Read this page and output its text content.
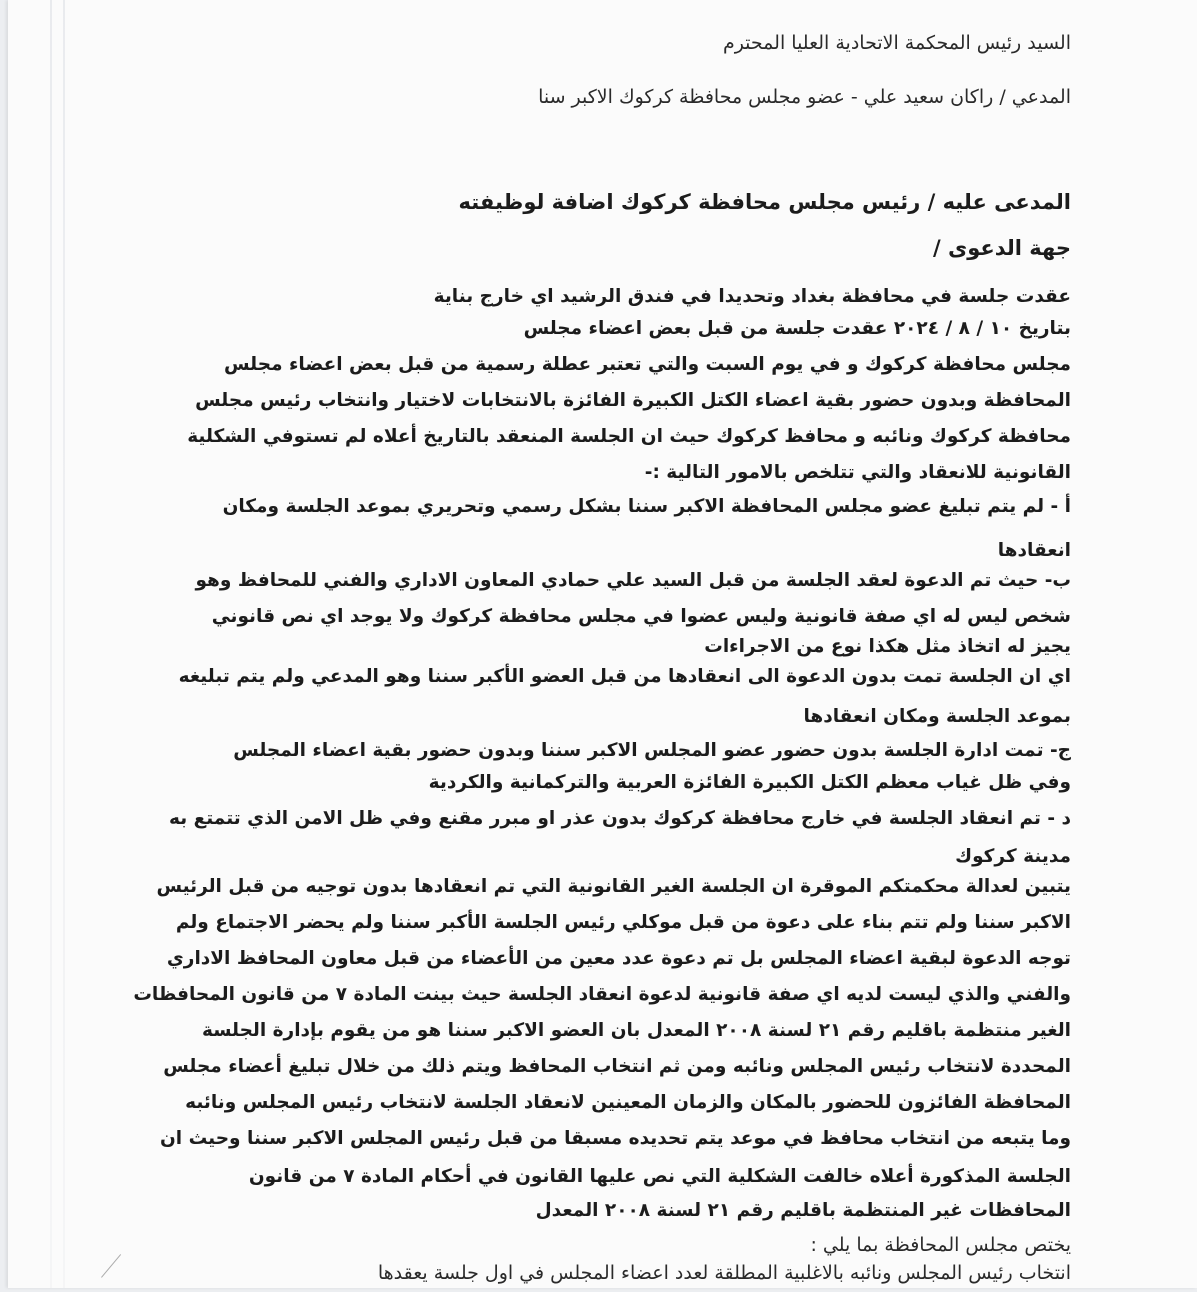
السيد رئيس المحكمة الاتحادية العليا المحترم
المدعي / راكان سعيد علي - عضو مجلس محافظة كركوك الاكبر سنا
المدعى عليه / رئيس مجلس محافظة كركوك اضافة لوظيفته
جهة الدعوى /
عقدت جلسة في محافظة بغداد وتحديدا في فندق الرشيد اي خارج بناية
بتاريخ ١٠ / ٨ / ٢٠٢٤ عقدت جلسة من قبل بعض اعضاء مجلس
مجلس محافظة كركوك و في يوم السبت والتي تعتبر عطلة رسمية من قبل بعض اعضاء مجلس
المحافظة وبدون حضور بقية اعضاء الكتل الكبيرة الفائزة بالانتخابات لاختيار وانتخاب رئيس مجلس
محافظة كركوك ونائبه و محافظ كركوك حيث ان الجلسة المنعقد بالتاريخ أعلاه لم تستوفي الشكلية
القانونية للانعقاد والتي تتلخص بالامور التالية :-
أ - لم يتم تبليغ عضو مجلس المحافظة الاكبر سننا بشكل رسمي وتحريري بموعد الجلسة ومكان
انعقادها
ب- حيث تم الدعوة لعقد الجلسة من قبل السيد علي حمادي المعاون الاداري والفني للمحافظ وهو
شخص ليس له اي صفة قانونية وليس عضوا في مجلس محافظة كركوك ولا يوجد اي نص قانوني
يجيز له اتخاذ مثل هكذا نوع من الاجراءات
اي ان الجلسة تمت بدون الدعوة الى انعقادها من قبل العضو الأكبر سننا وهو المدعي ولم يتم تبليغه
بموعد الجلسة ومكان انعقادها
ج- تمت ادارة الجلسة بدون حضور عضو المجلس الاكبر سننا وبدون حضور بقية اعضاء المجلس
وفي ظل غياب معظم الكتل الكبيرة الفائزة العربية والتركمانية والكردية
د - تم انعقاد الجلسة في خارج محافظة كركوك بدون عذر او مبرر مقنع وفي ظل الامن الذي تتمتع به
مدينة كركوك
يتبين لعدالة محكمتكم الموقرة ان الجلسة الغير القانونية التي تم انعقادها بدون توجيه من قبل الرئيس
الاكبر سننا ولم تتم بناء على دعوة من قبل موكلي رئيس الجلسة الأكبر سننا ولم يحضر الاجتماع ولم
توجه الدعوة لبقية اعضاء المجلس بل تم دعوة عدد معين من الأعضاء من قبل معاون المحافظ الاداري
والفني والذي ليست لديه اي صفة قانونية لدعوة انعقاد الجلسة حيث بينت المادة ٧ من قانون المحافظات
الغير منتظمة باقليم رقم ٢١ لسنة ٢٠٠٨ المعدل بان العضو الاكبر سننا هو من يقوم بإدارة الجلسة
المحددة لانتخاب رئيس المجلس ونائبه ومن ثم انتخاب المحافظ ويتم ذلك من خلال تبليغ أعضاء مجلس
المحافظة الفائزون للحضور بالمكان والزمان المعينين لانعقاد الجلسة لانتخاب رئيس المجلس ونائبه
وما يتبعه من انتخاب محافظ في موعد يتم تحديده مسبقا من قبل رئيس المجلس الاكبر سننا وحيث ان
الجلسة المذكورة أعلاه خالفت الشكلية التي نص عليها القانون في أحكام المادة ٧ من قانون
المحافظات غير المنتظمة باقليم رقم ٢١ لسنة ٢٠٠٨ المعدل
يختص مجلس المحافظة بما يلي :
انتخاب رئيس المجلس ونائبه بالاغلبية المطلقة لعدد اعضاء المجلس في اول جلسة يعقدها
